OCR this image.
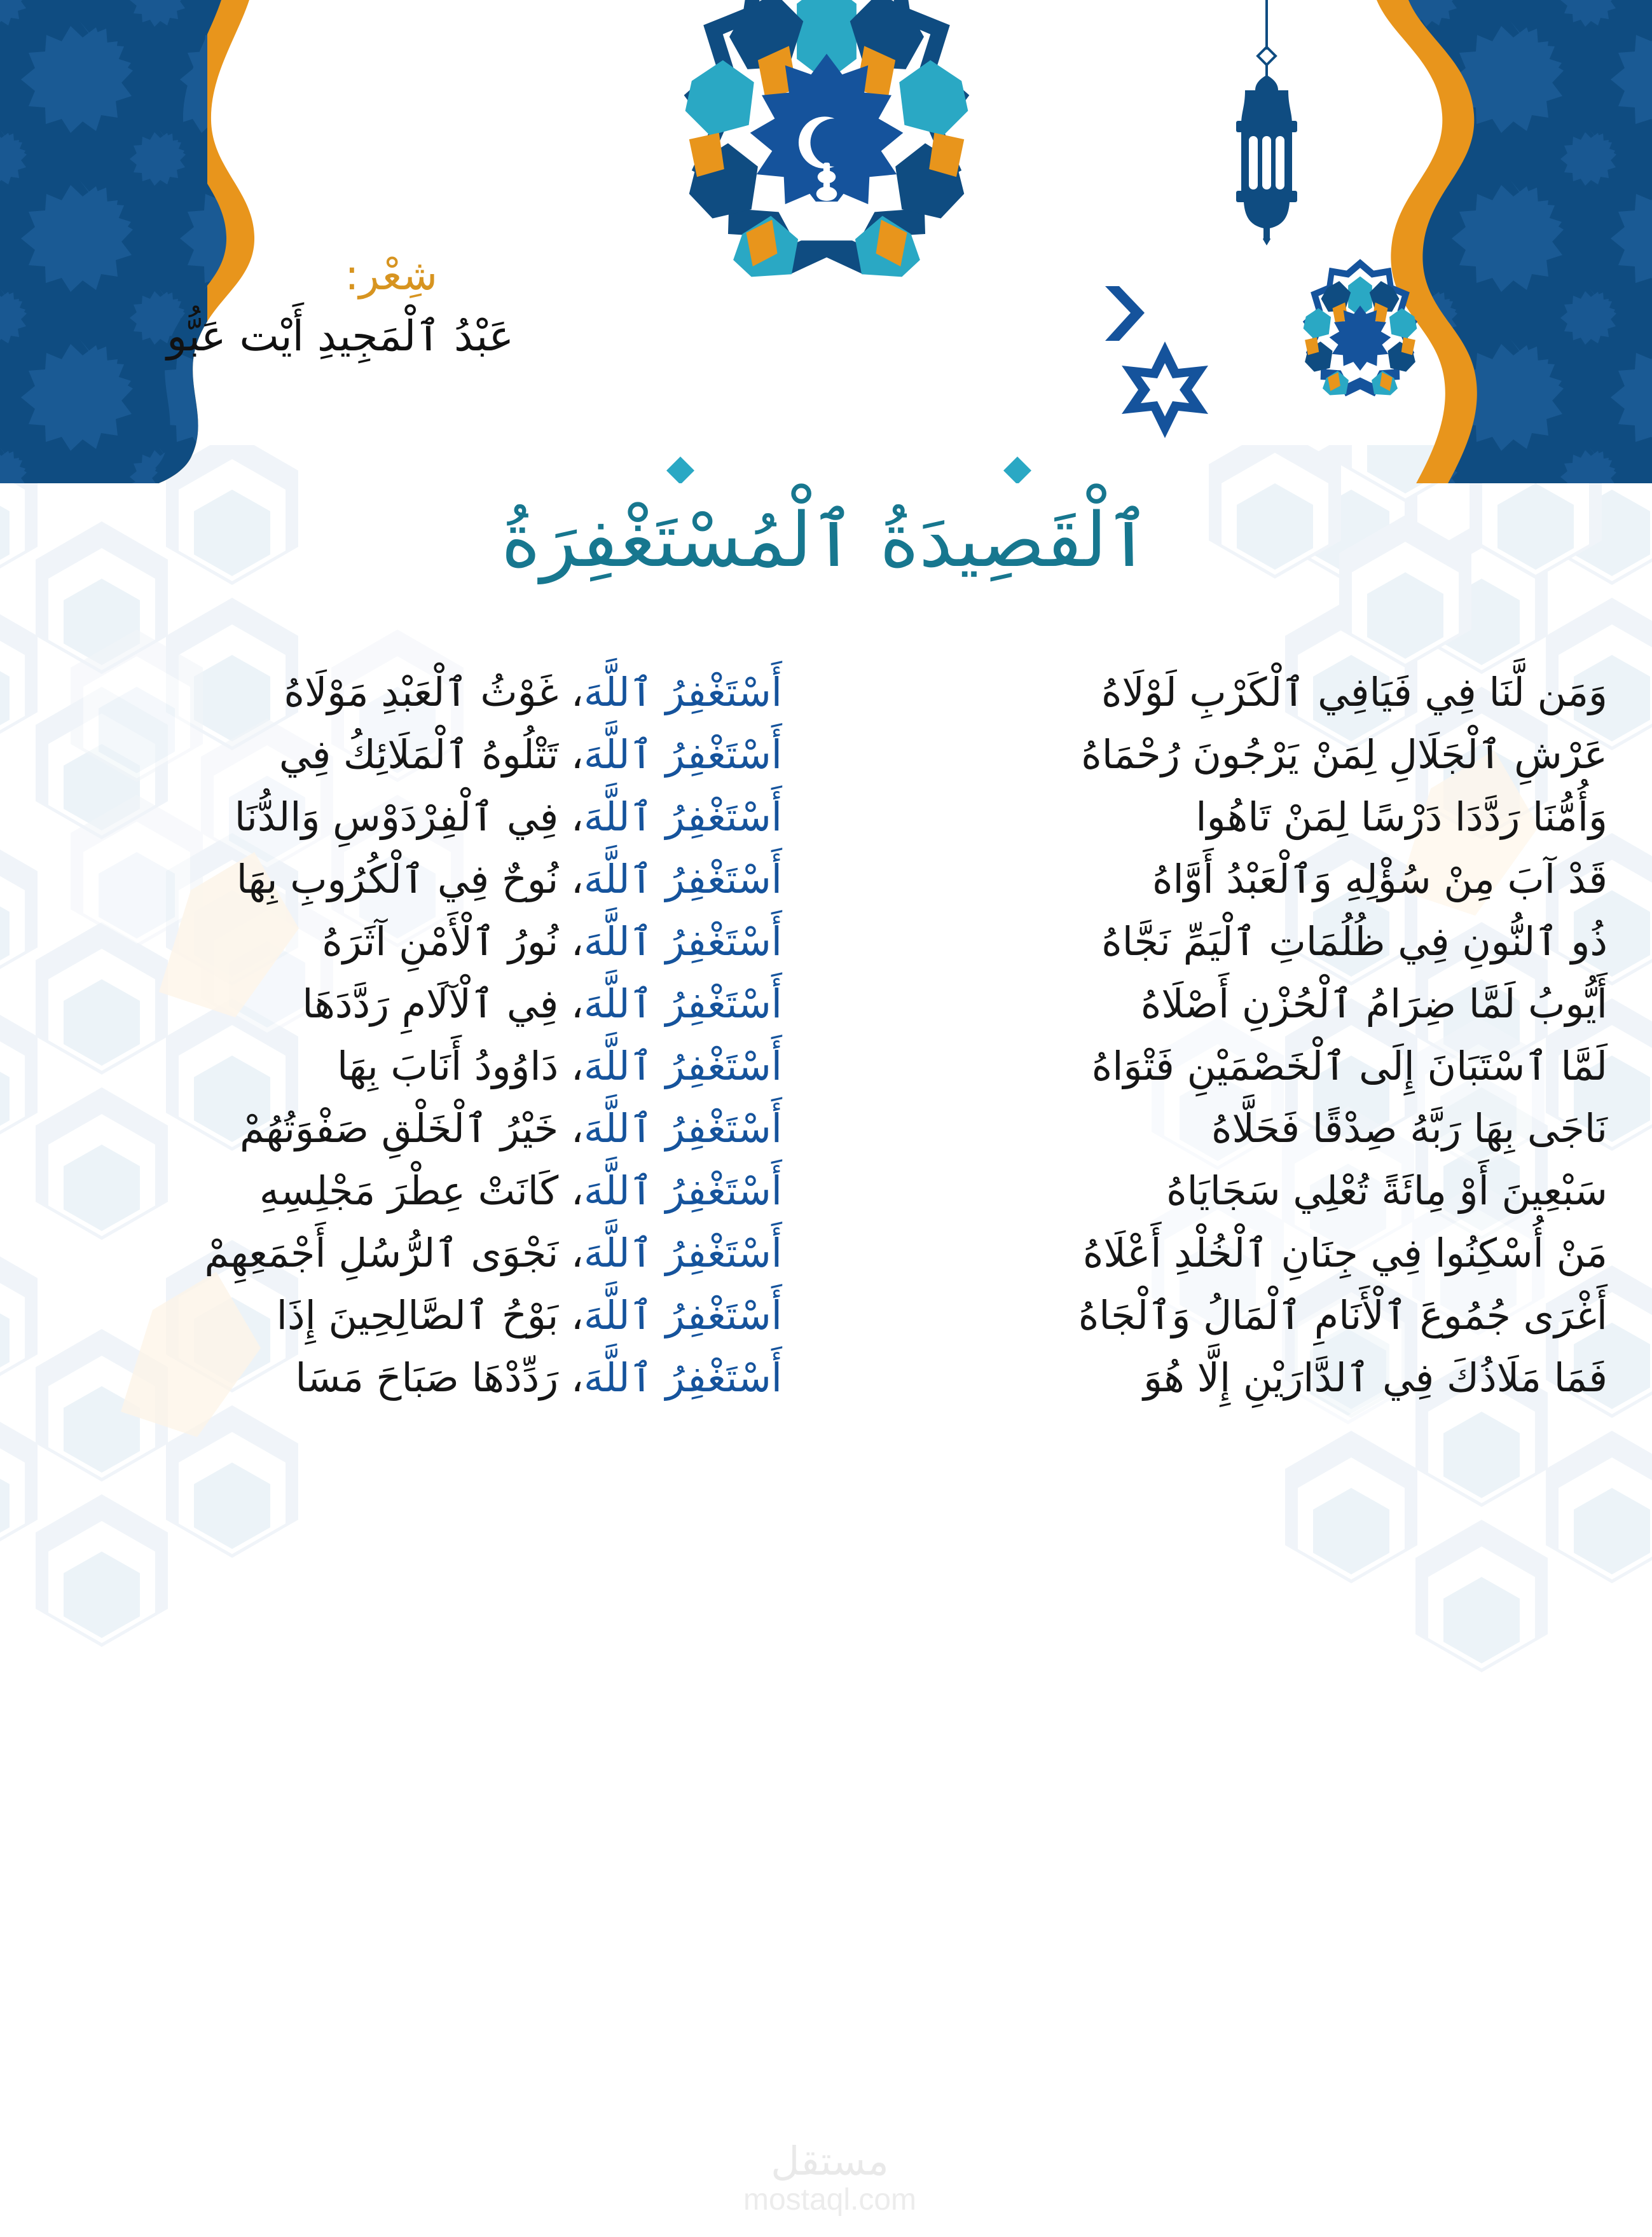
شِعْر:
عَبْدُ ٱلْمَجِيدِ أَيْت عَبُّو
ٱلْقَصِيدَةُ ٱلْمُسْتَغْفِرَةُ
وَمَن لَّنَا فِي فَيَافِي ٱلْكَرْبِ لَوْلَاهُ
أَسْتَغْفِرُ ٱللَّهَ، غَوْثُ ٱلْعَبْدِ مَوْلَاهُ
عَرْشِ ٱلْجَلَالِ لِمَنْ يَرْجُونَ رُحْمَاهُ
أَسْتَغْفِرُ ٱللَّهَ، تَتْلُوهُ ٱلْمَلَائِكُ فِي
وَأُمُّنَا رَدَّدَا دَرْسًا لِمَنْ تَاهُوا
أَسْتَغْفِرُ ٱللَّهَ، فِي ٱلْفِرْدَوْسِ وَالدُّنَا
قَدْ آبَ مِنْ سُؤْلِهِ وَٱلْعَبْدُ أَوَّاهُ
أَسْتَغْفِرُ ٱللَّهَ، نُوحٌ فِي ٱلْكُرُوبِ بِهَا
ذُو ٱلنُّونِ فِي ظُلُمَاتِ ٱلْيَمِّ نَجَّاهُ
أَسْتَغْفِرُ ٱللَّهَ، نُورُ ٱلْأَمْنِ آثَرَهُ
أَيُّوبُ لَمَّا ضِرَامُ ٱلْحُزْنِ أَصْلَاهُ
أَسْتَغْفِرُ ٱللَّهَ، فِي ٱلْآلَامِ رَدَّدَهَا
لَمَّا ٱسْتَبَانَ إِلَى ٱلْخَصْمَيْنِ فَتْوَاهُ
أَسْتَغْفِرُ ٱللَّهَ، دَاوُودُ أَنَابَ بِهَا
نَاجَى بِهَا رَبَّهُ صِدْقًا فَحَلَّاهُ
أَسْتَغْفِرُ ٱللَّهَ، خَيْرُ ٱلْخَلْقِ صَفْوَتُهُمْ
سَبْعِينَ أَوْ مِائَةً تُعْلِي سَجَايَاهُ
أَسْتَغْفِرُ ٱللَّهَ، كَانَتْ عِطْرَ مَجْلِسِهِ
مَنْ أُسْكِنُوا فِي جِنَانِ ٱلْخُلْدِ أَعْلَاهُ
أَسْتَغْفِرُ ٱللَّهَ، نَجْوَى ٱلرُّسُلِ أَجْمَعِهِمْ
أَغْرَى جُمُوعَ ٱلْأَنَامِ ٱلْمَالُ وَٱلْجَاهُ
أَسْتَغْفِرُ ٱللَّهَ، بَوْحُ ٱلصَّالِحِينَ إِذَا
فَمَا مَلَاذُكَ فِي ٱلدَّارَيْنِ إِلَّا هُوَ
أَسْتَغْفِرُ ٱللَّهَ، رَدِّدْهَا صَبَاحَ مَسَا
مستقل
mostaql.com
